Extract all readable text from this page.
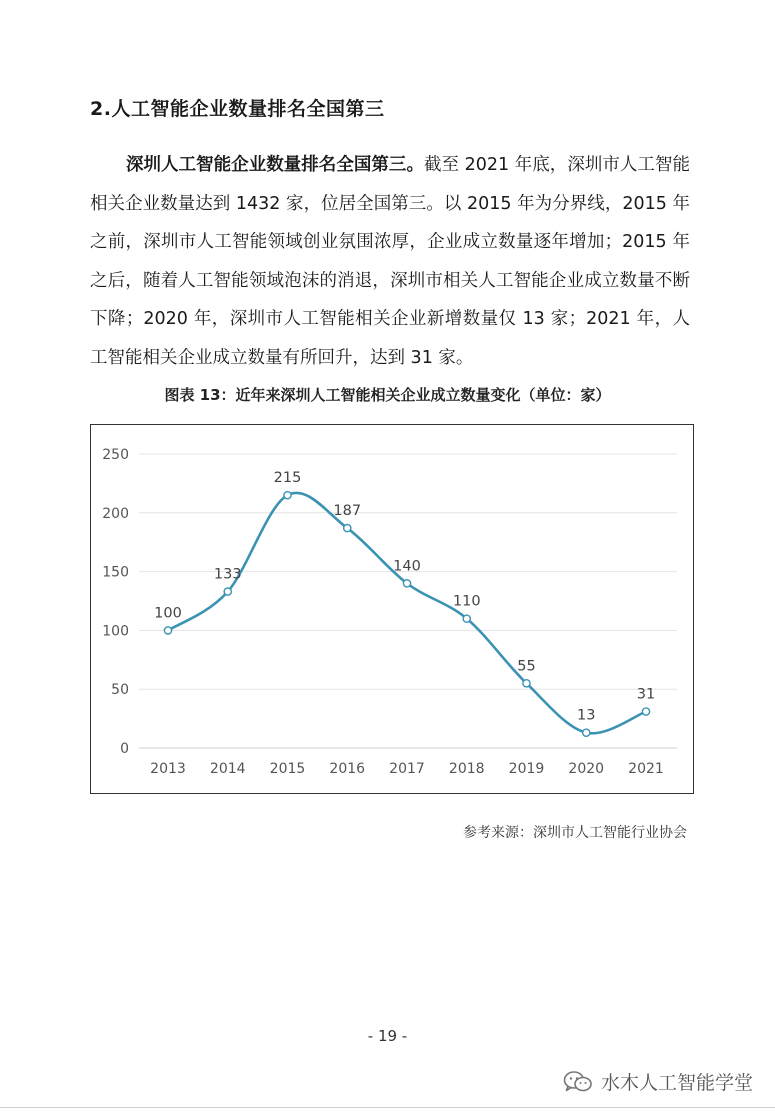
2.人工智能企业数量排名全国第三
深圳人工智能企业数量排名全国第三。截至 2021 年底，深圳市人工智能相关企业数量达到 1432 家，位居全国第三。以 2015 年为分界线，2015 年之前，深圳市人工智能领域创业氛围浓厚，企业成立数量逐年增加；2015 年之后，随着人工智能领域泡沫的消退，深圳市相关人工智能企业成立数量不断下降；2020 年，深圳市人工智能相关企业新增数量仅 13 家；2021 年，人工智能相关企业成立数量有所回升，达到 31 家。
图表 13：近年来深圳人工智能相关企业成立数量变化（单位：家）
0
50
100
150
200
250
2013 2014 2015 2016 2017 2018 2019 2020 2021
100
133
215
187
140
110
55
13
31
参考来源：深圳市人工智能行业协会
- 19 -
水木人工智能学堂
